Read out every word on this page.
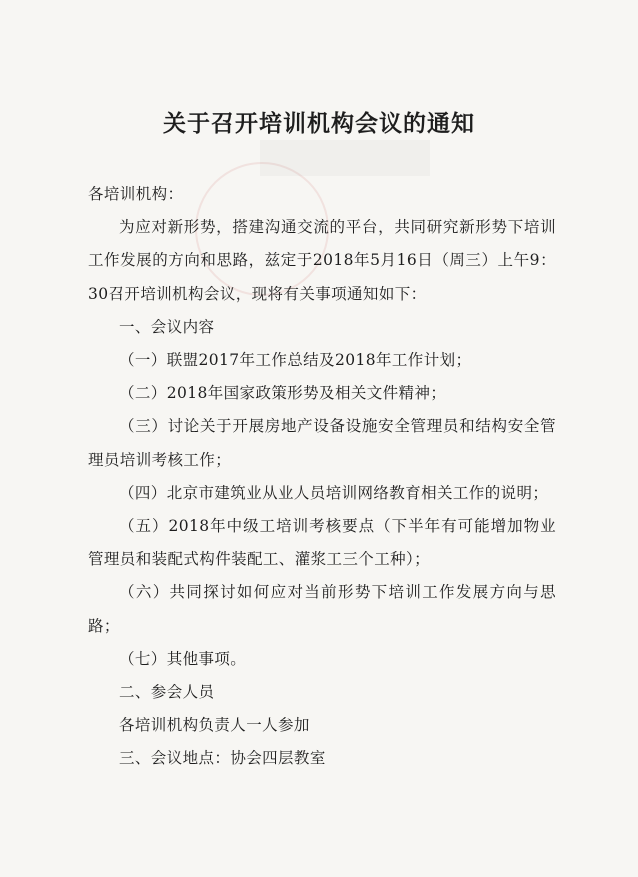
关于召开培训机构会议的通知

各培训机构：

为应对新形势，搭建沟通交流的平台，共同研究新形势下培训工作发展的方向和思路，兹定于2018年5月16日（周三）上午9：30召开培训机构会议，现将有关事项通知如下：

一、会议内容

（一）联盟2017年工作总结及2018年工作计划；

（二）2018年国家政策形势及相关文件精神；

（三）讨论关于开展房地产设备设施安全管理员和结构安全管理员培训考核工作；

（四）北京市建筑业从业人员培训网络教育相关工作的说明；

（五）2018年中级工培训考核要点（下半年有可能增加物业管理员和装配式构件装配工、灌浆工三个工种）；

（六）共同探讨如何应对当前形势下培训工作发展方向与思路；

（七）其他事项。

二、参会人员

各培训机构负责人一人参加

三、会议地点：协会四层教室
